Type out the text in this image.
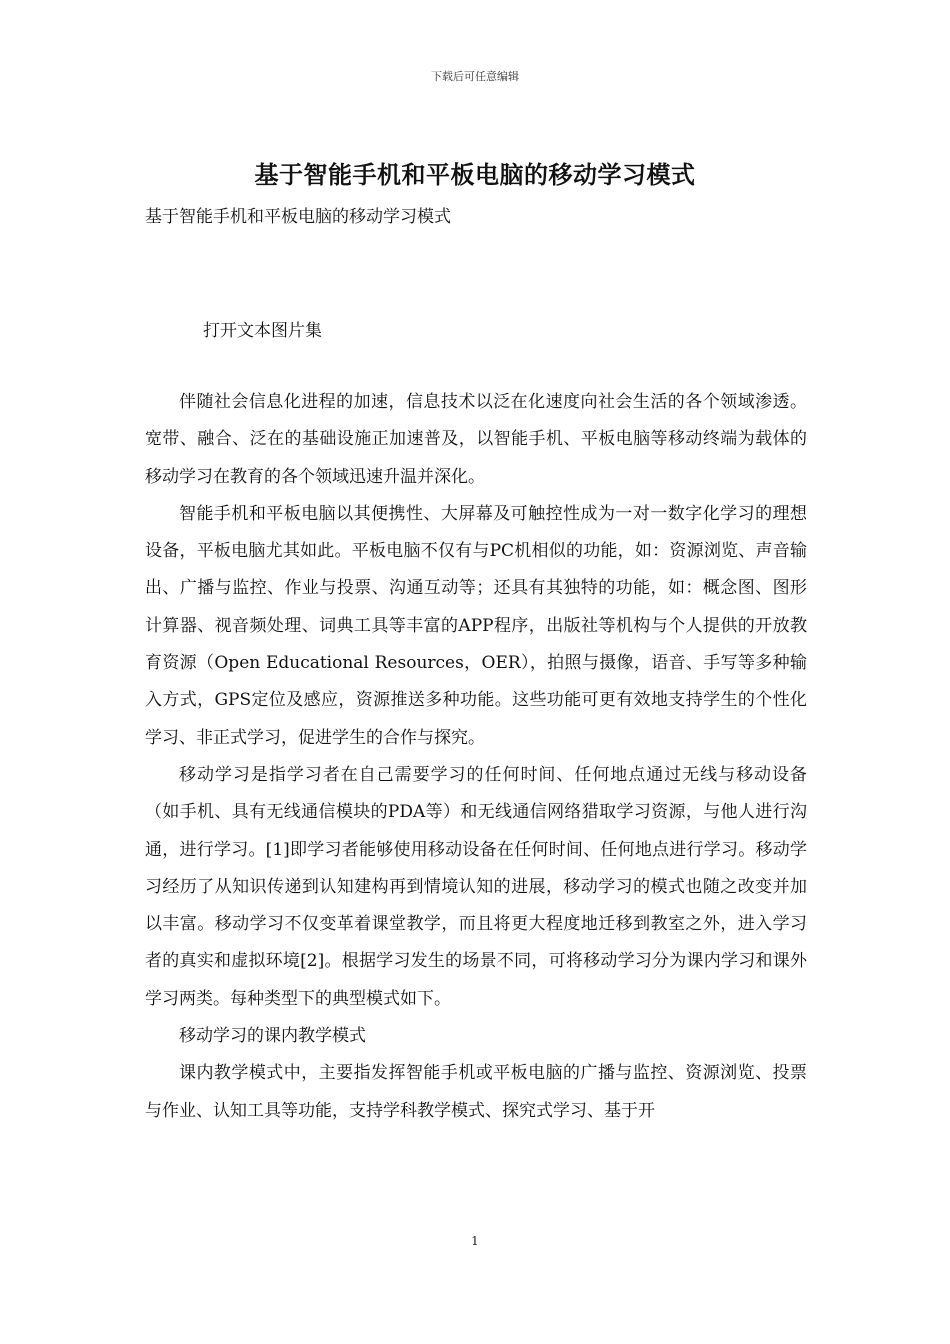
下载后可任意编辑
基于智能手机和平板电脑的移动学习模式
基于智能手机和平板电脑的移动学习模式
打开文本图片集

伴随社会信息化进程的加速，信息技术以泛在化速度向社会生活的各个领域渗透。宽带、融合、泛在的基础设施正加速普及，以智能手机、平板电脑等移动终端为载体的移动学习在教育的各个领域迅速升温并深化。

智能手机和平板电脑以其便携性、大屏幕及可触控性成为一对一数字化学习的理想设备，平板电脑尤其如此。平板电脑不仅有与PC机相似的功能，如：资源浏览、声音输出、广播与监控、作业与投票、沟通互动等；还具有其独特的功能，如：概念图、图形计算器、视音频处理、词典工具等丰富的APP程序，出版社等机构与个人提供的开放教育资源（Open Educational Resources，OER），拍照与摄像，语音、手写等多种输入方式，GPS定位及感应，资源推送多种功能。这些功能可更有效地支持学生的个性化学习、非正式学习，促进学生的合作与探究。

移动学习是指学习者在自己需要学习的任何时间、任何地点通过无线与移动设备（如手机、具有无线通信模块的PDA等）和无线通信网络猎取学习资源，与他人进行沟通，进行学习。[1]即学习者能够使用移动设备在任何时间、任何地点进行学习。移动学习经历了从知识传递到认知建构再到情境认知的进展，移动学习的模式也随之改变并加以丰富。移动学习不仅变革着课堂教学，而且将更大程度地迁移到教室之外，进入学习者的真实和虚拟环境[2]。根据学习发生的场景不同，可将移动学习分为课内学习和课外学习两类。每种类型下的典型模式如下。

移动学习的课内教学模式

课内教学模式中，主要指发挥智能手机或平板电脑的广播与监控、资源浏览、投票与作业、认知工具等功能，支持学科教学模式、探究式学习、基于开

1
